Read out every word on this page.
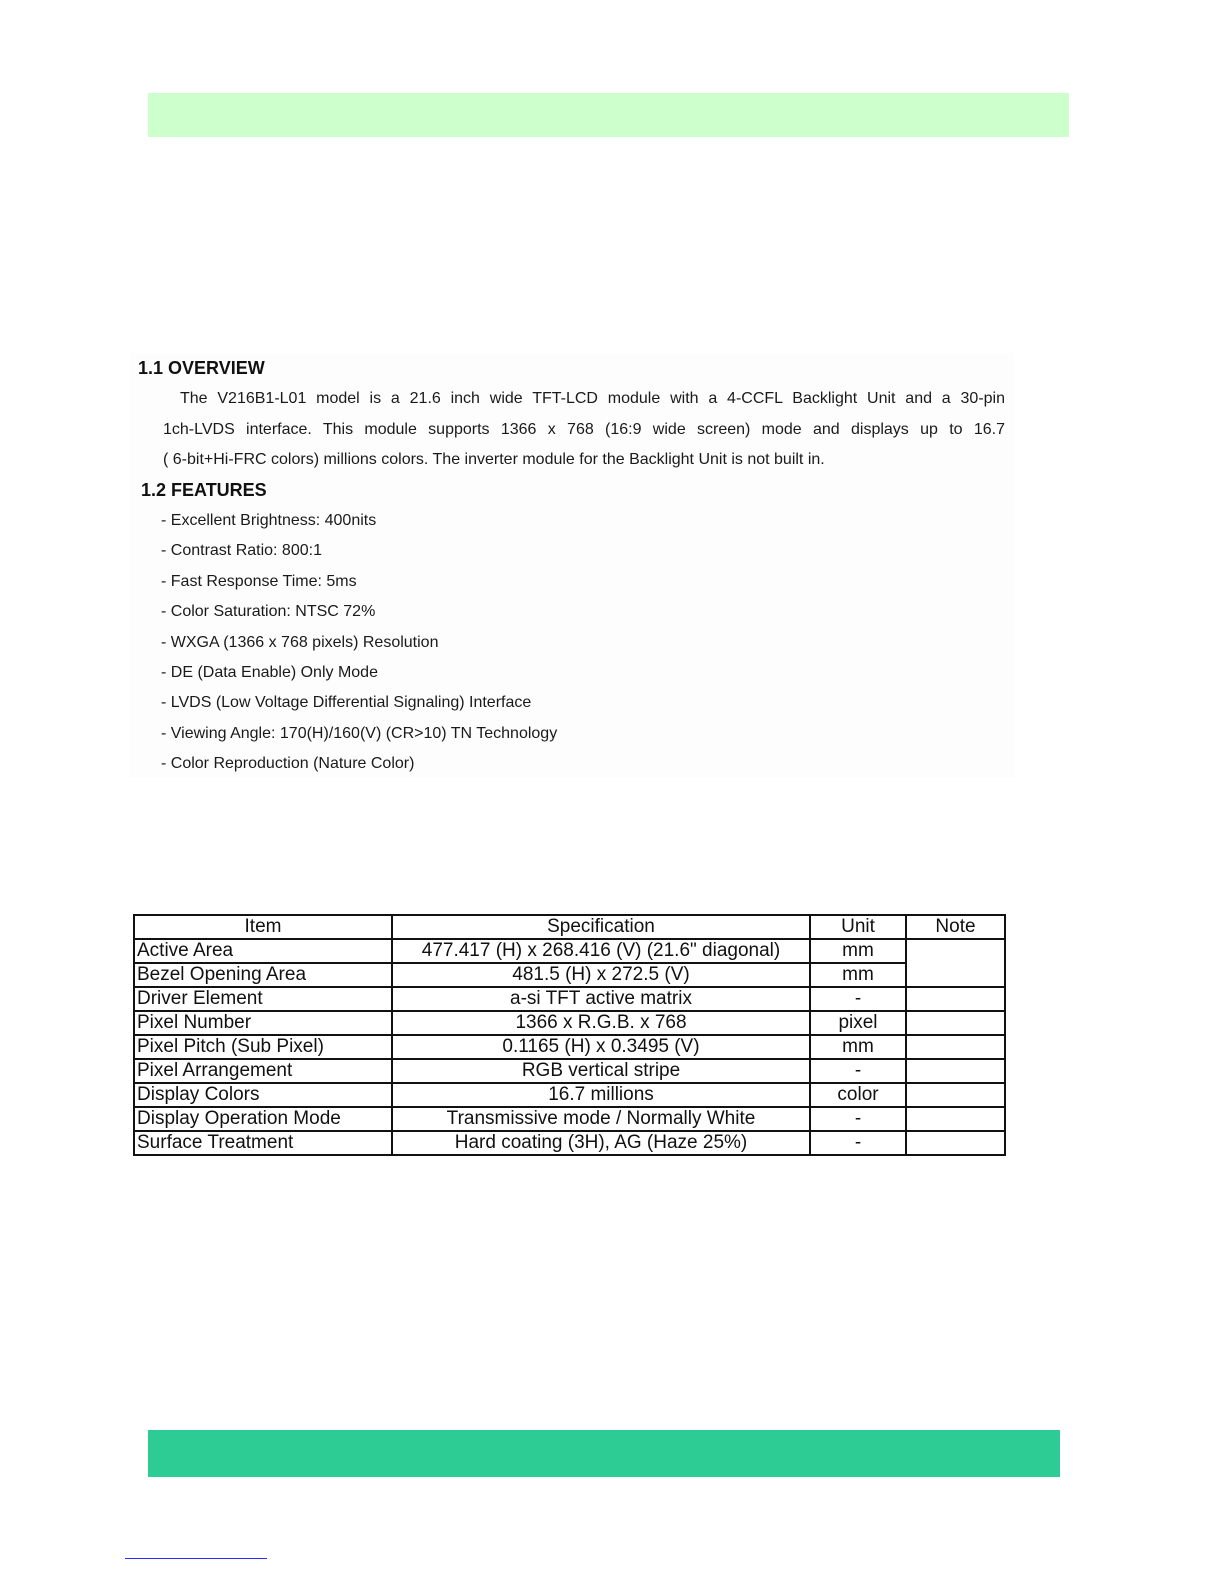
1.1 OVERVIEW
The V216B1-L01 model is a 21.6 inch wide TFT-LCD module with a 4-CCFL Backlight Unit and a 30-pin
1ch-LVDS interface. This module supports 1366 x 768 (16:9 wide screen) mode and displays up to 16.7
( 6-bit+Hi-FRC colors) millions colors. The inverter module for the Backlight Unit is not built in.
1.2 FEATURES
- Excellent Brightness: 400nits
- Contrast Ratio: 800:1
- Fast Response Time: 5ms
- Color Saturation: NTSC 72%
- WXGA (1366 x 768 pixels) Resolution
- DE (Data Enable) Only Mode
- LVDS (Low Voltage Differential Signaling) Interface
- Viewing Angle: 170(H)/160(V) (CR>10) TN Technology
- Color Reproduction (Nature Color)
Item	Specification	Unit	Note
Active Area	477.417 (H) x 268.416 (V) (21.6" diagonal)	mm	
Bezel Opening Area	481.5 (H) x 272.5 (V)	mm	
Driver Element	a-si TFT active matrix	-	
Pixel Number	1366 x R.G.B. x 768	pixel	
Pixel Pitch (Sub Pixel)	0.1165 (H) x 0.3495 (V)	mm	
Pixel Arrangement	RGB vertical stripe	-	
Display Colors	16.7 millions	color	
Display Operation Mode	Transmissive mode / Normally White	-	
Surface Treatment	Hard coating (3H), AG (Haze 25%)	-	
